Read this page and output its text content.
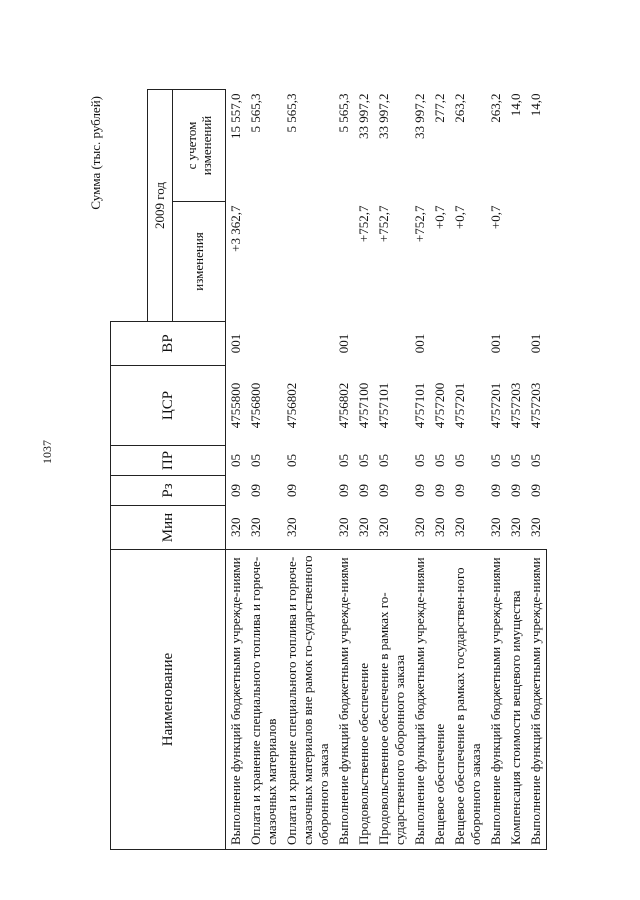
1037
Сумма (тыс. рублей)
Наименование	Мин	Рз	ПР	ЦСР	ВР		
						2009 год	
						изменения	с учетом изменений
Выполнение функций бюджетными учрежде-ниями	320	09	05	4755800	001	+3 362,7	15 557,0
Оплата и хранение специального топлива и горюче-смазочных материалов	320	09	05	4756800			5 565,3
Оплата и хранение специального топлива и горюче-смазочных материалов вне рамок го-сударственного оборонного заказа	320	09	05	4756802			5 565,3
Выполнение функций бюджетными учрежде-ниями	320	09	05	4756802	001		5 565,3
Продовольственное обеспечение	320	09	05	4757100		+752,7	33 997,2
Продовольственное обеспечение в рамках го-сударственного оборонного заказа	320	09	05	4757101		+752,7	33 997,2
Выполнение функций бюджетными учрежде-ниями	320	09	05	4757101	001	+752,7	33 997,2
Вещевое обеспечение	320	09	05	4757200		+0,7	277,2
Вещевое обеспечение в рамках государствен-ного оборонного заказа	320	09	05	4757201		+0,7	263,2
Выполнение функций бюджетными учрежде-ниями	320	09	05	4757201	001	+0,7	263,2
Компенсация стоимости вещевого имущества	320	09	05	4757203			14,0
Выполнение функций бюджетными учрежде-ниями	320	09	05	4757203	001		14,0
